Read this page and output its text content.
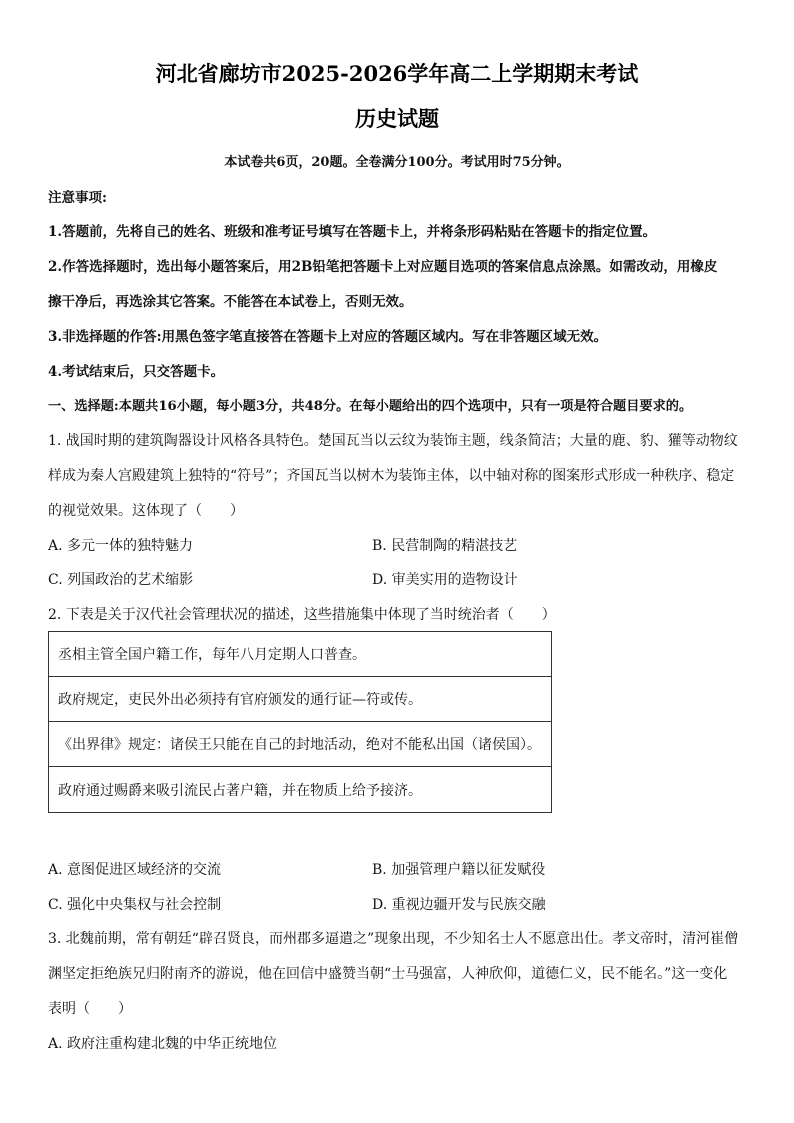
河北省廊坊市2025-2026学年高二上学期期末考试
历史试题
本试卷共6页，20题。全卷满分100分。考试用时75分钟。
注意事项:
1.答题前，先将自己的姓名、班级和准考证号填写在答题卡上，并将条形码粘贴在答题卡的指定位置。
2.作答选择题时，选出每小题答案后，用2B铅笔把答题卡上对应题目选项的答案信息点涂黑。如需改动，用橡皮
擦干净后，再选涂其它答案。不能答在本试卷上，否则无效。
3.非选择题的作答:用黑色签字笔直接答在答题卡上对应的答题区域内。写在非答题区域无效。
4.考试结束后，只交答题卡。
一、选择题:本题共16小题，每小题3分，共48分。在每小题给出的四个选项中，只有一项是符合题目要求的。
1. 战国时期的建筑陶器设计风格各具特色。楚国瓦当以云纹为装饰主题，线条简洁；大量的鹿、豹、獾等动物纹
样成为秦人宫殿建筑上独特的“符号”；齐国瓦当以树木为装饰主体，以中轴对称的图案形式形成一种秩序、稳定
的视觉效果。这体现了（　　）
A. 多元一体的独特魅力	B. 民营制陶的精湛技艺
C. 列国政治的艺术缩影	D. 审美实用的造物设计
2. 下表是关于汉代社会管理状况的描述，这些措施集中体现了当时统治者（　　）
丞相主管全国户籍工作，每年八月定期人口普查。
政府规定，吏民外出必须持有官府颁发的通行证—符或传。
《出界律》规定：诸侯王只能在自己的封地活动，绝对不能私出国（诸侯国）。
政府通过赐爵来吸引流民占著户籍，并在物质上给予接济。
A. 意图促进区域经济的交流	B. 加强管理户籍以征发赋役
C. 强化中央集权与社会控制	D. 重视边疆开发与民族交融
3. 北魏前期，常有朝廷“辟召贤良，而州郡多逼遣之”现象出现，不少知名士人不愿意出仕。孝文帝时，清河崔僧
渊坚定拒绝族兄归附南齐的游说，他在回信中盛赞当朝“士马强富，人神欣仰，道德仁义，民不能名。”这一变化
表明（　　）
A. 政府注重构建北魏的中华正统地位
